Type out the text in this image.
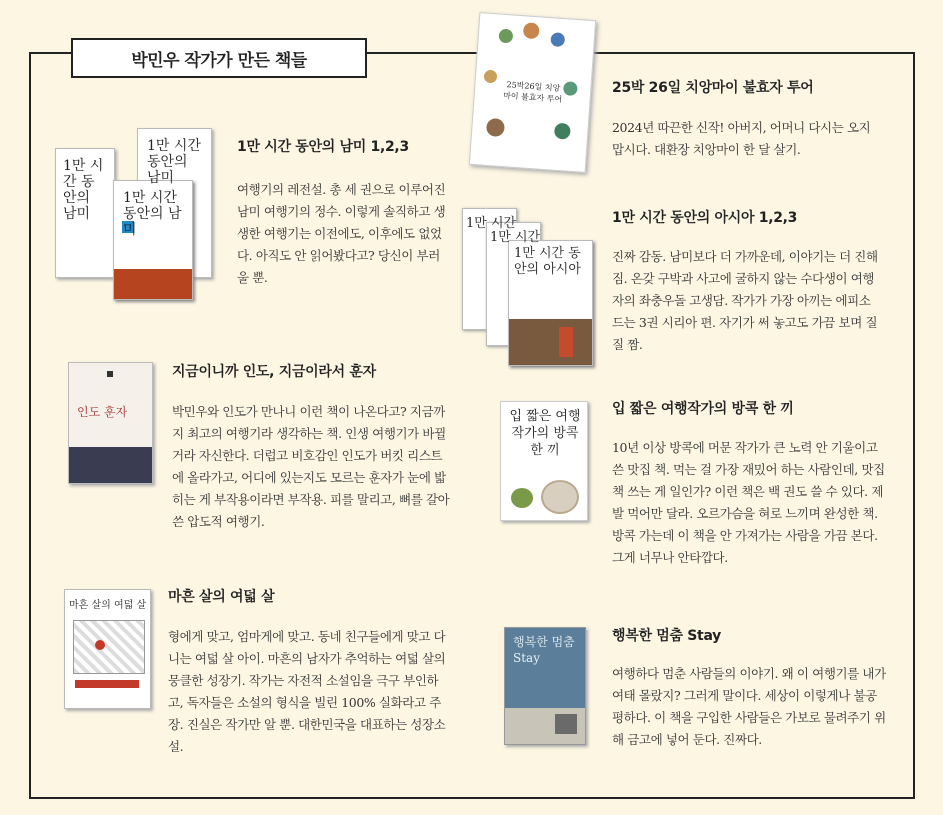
박민우 작가가 만든 책들
1만 시간 동안의 남미
1만 시간 동안의 남미
1만 시간 동안의 남미
1만 시간 동안의 남미 1,2,3
여행기의 레전설. 총 세 권으로 이루어진 남미 여행기의 정수. 이렇게 솔직하고 생생한 여행기는 이전에도, 이후에도 없었다. 아직도 안 읽어봤다고? 당신이 부러울 뿐.
25박26일 치앙마이 불효자 투어
25박 26일 치앙마이 불효자 투어
2024년 따끈한 신작! 아버지, 어머니 다시는 오지 맙시다. 대환장 치앙마이 한 달 살기.
1만 시간
1만 시간
1만 시간 동안의 아시아
1만 시간 동안의 아시아 1,2,3
진짜 감동. 남미보다 더 가까운데, 이야기는 더 진해짐. 온갖 구박과 사고에 굴하지 않는 수다생이 여행자의 좌충우돌 고생담. 작가가 가장 아끼는 에피소드는 3권 시리아 편. 자기가 써 놓고도 가끔 보며 질질 짬.
인도 훈자
지금이니까 인도, 지금이라서 훈자
박민우와 인도가 만나니 이런 책이 나온다고? 지금까지 최고의 여행기라 생각하는 책. 인생 여행기가 바뀔 거라 자신한다. 더럽고 비호감인 인도가 버킷 리스트에 올라가고, 어디에 있는지도 모르는 훈자가 눈에 밟히는 게 부작용이라면 부작용. 피를 말리고, 뼈를 갈아 쓴 압도적 여행기.
입 짧은 여행작가의 방콕 한 끼
입 짧은 여행작가의 방콕 한 끼
10년 이상 방콕에 머문 작가가 큰 노력 안 기울이고 쓴 맛집 책. 먹는 걸 가장 재밌어 하는 사람인데, 맛집 책 쓰는 게 일인가? 이런 책은 백 권도 쓸 수 있다. 제발 먹어만 달라. 오르가슴을 혀로 느끼며 완성한 책. 방콕 가는데 이 책을 안 가져가는 사람을 가끔 본다. 그게 너무나 안타깝다.
마흔 살의 여덟 살
마흔 살의 여덟 살
형에게 맞고, 엄마게에 맞고. 동네 친구들에게 맞고 다니는 여덟 살 아이. 마흔의 남자가 추억하는 여덟 살의 뭉클한 성장기. 작가는 자전적 소설임을 극구 부인하고, 독자들은 소설의 형식을 빌린 100% 실화라고 주장. 진실은 작가만 알 뿐. 대한민국을 대표하는 성장소설.
행복한 멈춤 Stay
행복한 멈춤 Stay
여행하다 멈춘 사람들의 이야기. 왜 이 여행기를 내가 여태 몰랐지? 그러게 말이다. 세상이 이렇게나 불공평하다. 이 책을 구입한 사람들은 가보로 물려주기 위해 금고에 넣어 둔다. 진짜다.
